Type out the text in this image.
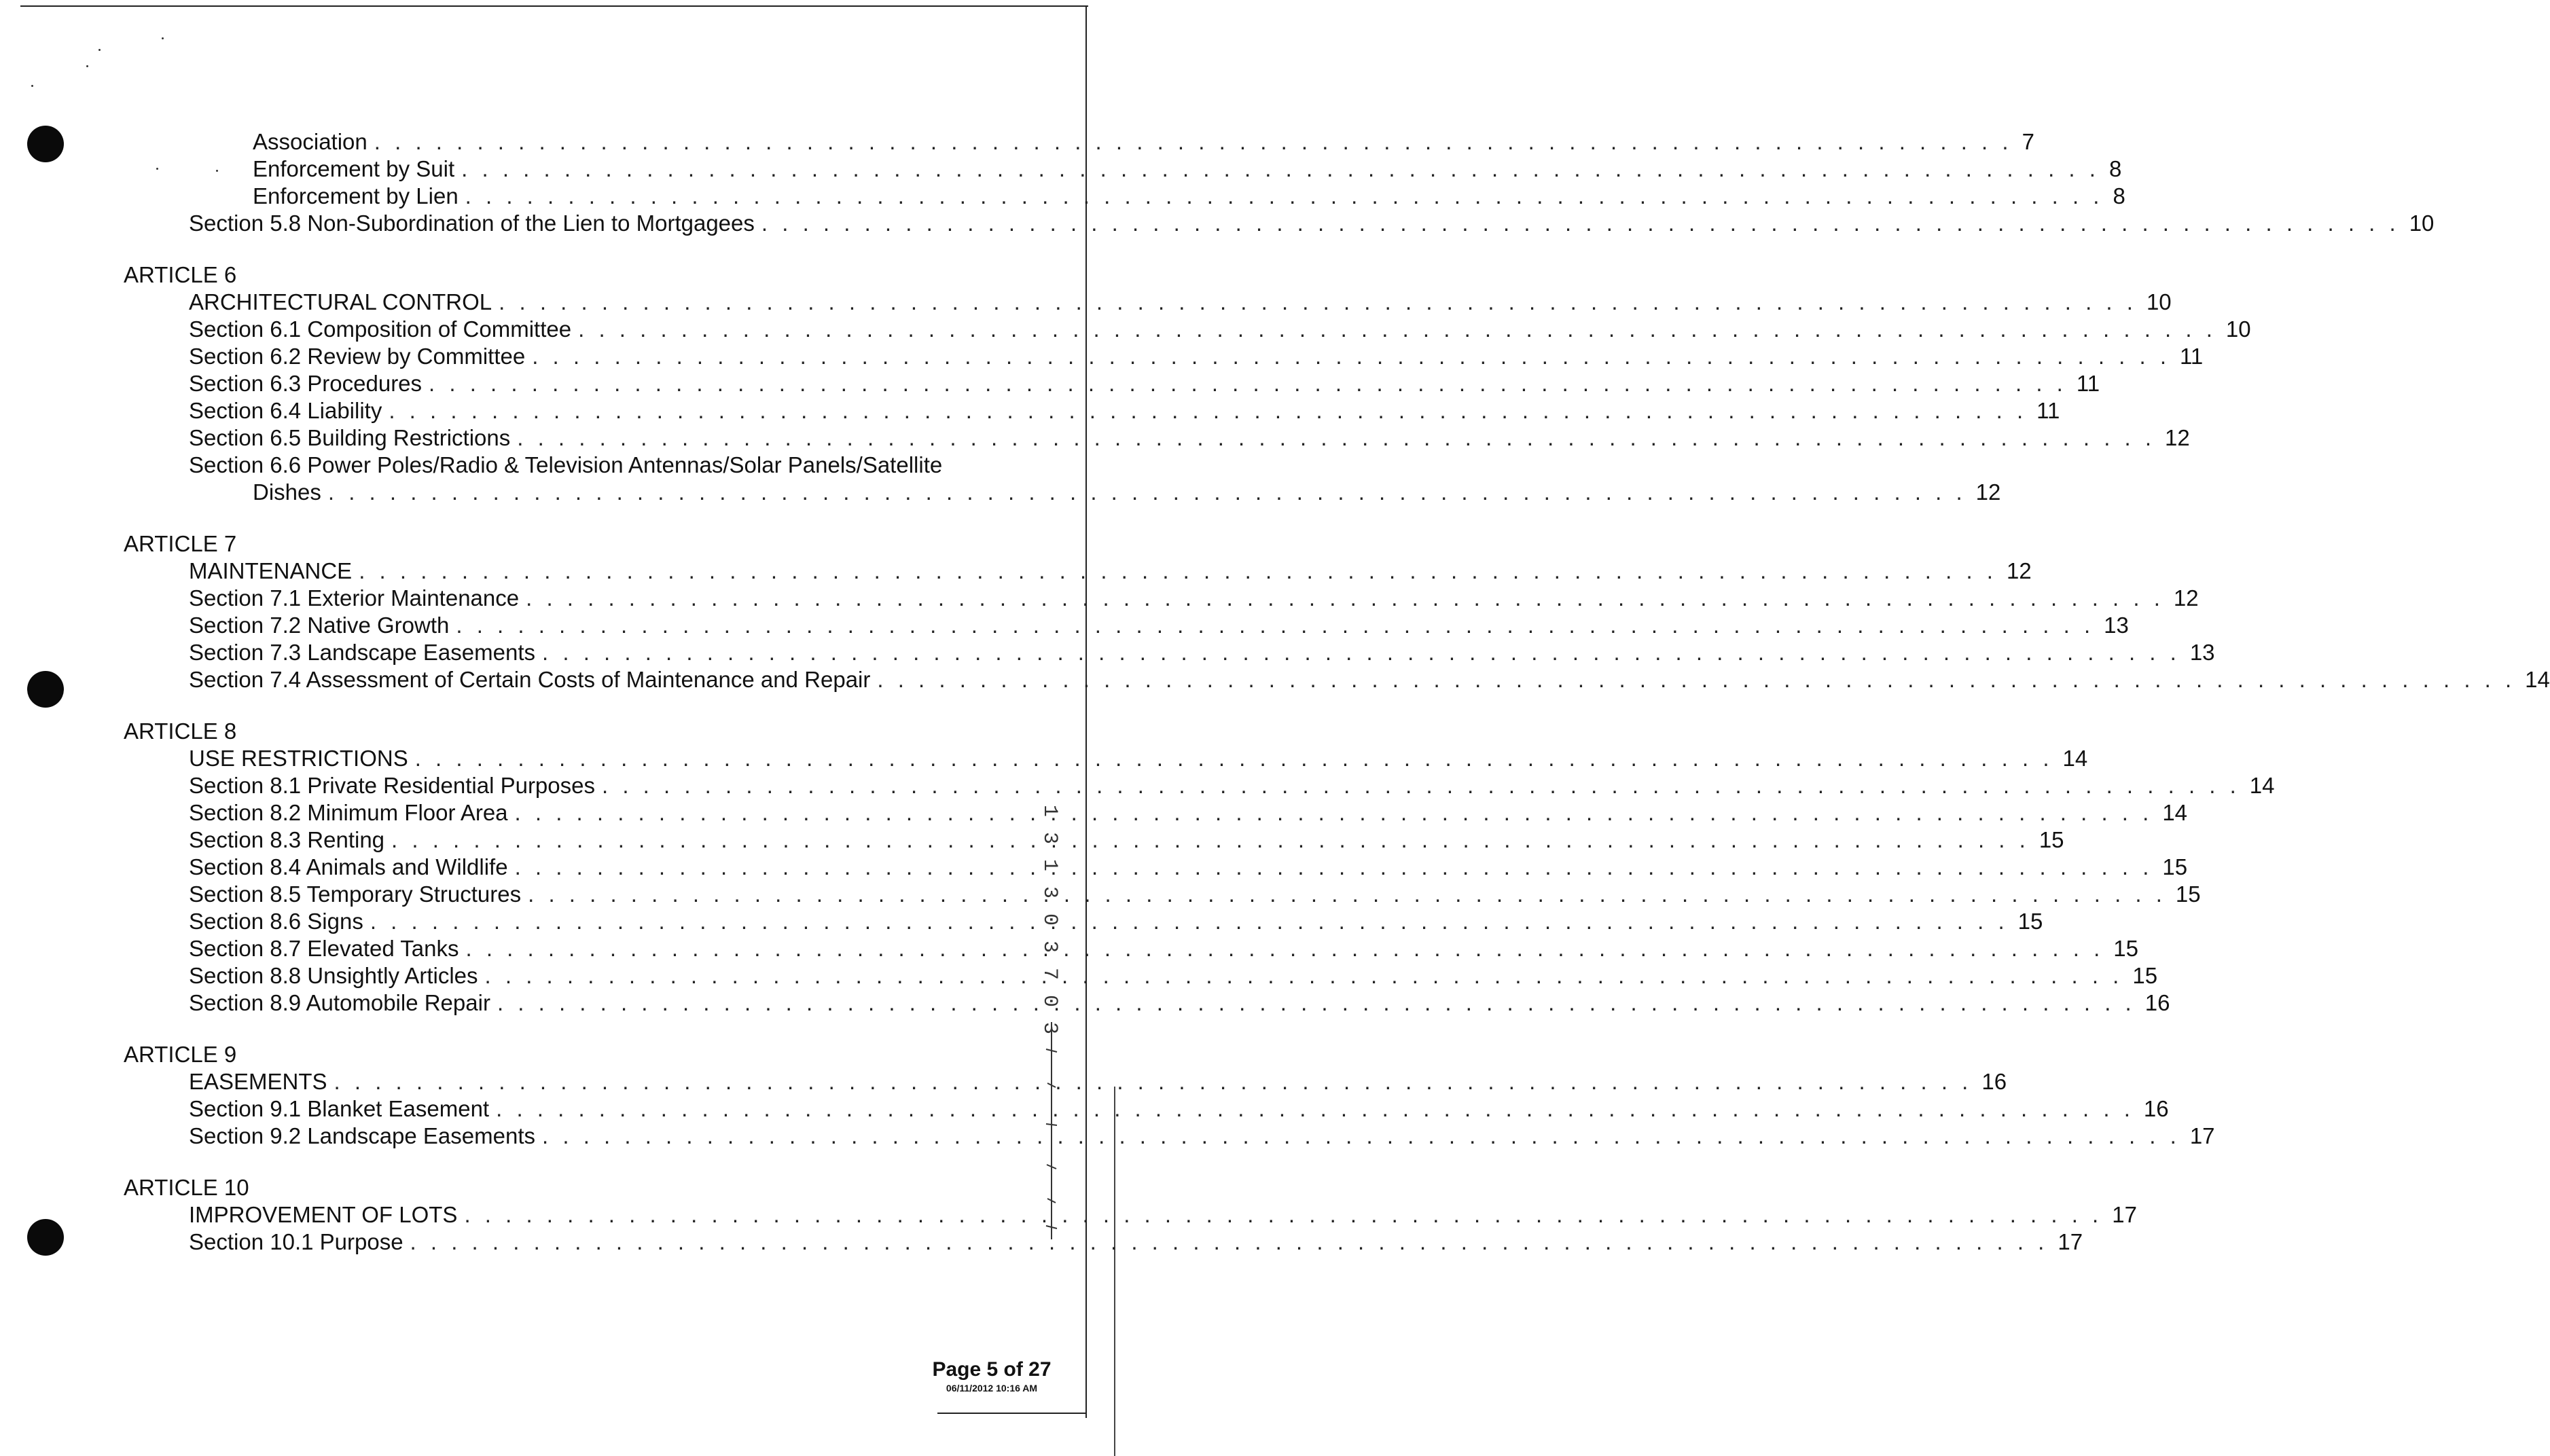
Association . . . . . . . . . . . . . . . . . . . . . . . . . . . . . . . . . . . . . . . . . . . . . . . . . . . . . . . . . . . . . . . . . . . . . . . . . . . . . . . . 7
Enforcement by Suit . . . . . . . . . . . . . . . . . . . . . . . . . . . . . . . . . . . . . . . . . . . . . . . . . . . . . . . . . . . . . . . . . . . . . . . . . . . . . . . . 8
Enforcement by Lien . . . . . . . . . . . . . . . . . . . . . . . . . . . . . . . . . . . . . . . . . . . . . . . . . . . . . . . . . . . . . . . . . . . . . . . . . . . . . . . . 8
Section 5.8 Non-Subordination of the Lien to Mortgagees . . . . . . . . . . . . . . . . . . . . . . . . . . . . . . . . . . . . . . . . . . . . . . . . . . . . . . . . . . . . . . . . . . . . . . . . . . . . . . . . 10
ARTICLE 6
ARCHITECTURAL CONTROL . . . . . . . . . . . . . . . . . . . . . . . . . . . . . . . . . . . . . . . . . . . . . . . . . . . . . . . . . . . . . . . . . . . . . . . . . . . . . . . . 10
Section 6.1 Composition of Committee . . . . . . . . . . . . . . . . . . . . . . . . . . . . . . . . . . . . . . . . . . . . . . . . . . . . . . . . . . . . . . . . . . . . . . . . . . . . . . . . 10
Section 6.2 Review by Committee . . . . . . . . . . . . . . . . . . . . . . . . . . . . . . . . . . . . . . . . . . . . . . . . . . . . . . . . . . . . . . . . . . . . . . . . . . . . . . . . 11
Section 6.3 Procedures . . . . . . . . . . . . . . . . . . . . . . . . . . . . . . . . . . . . . . . . . . . . . . . . . . . . . . . . . . . . . . . . . . . . . . . . . . . . . . . . 11
Section 6.4 Liability . . . . . . . . . . . . . . . . . . . . . . . . . . . . . . . . . . . . . . . . . . . . . . . . . . . . . . . . . . . . . . . . . . . . . . . . . . . . . . . . 11
Section 6.5 Building Restrictions . . . . . . . . . . . . . . . . . . . . . . . . . . . . . . . . . . . . . . . . . . . . . . . . . . . . . . . . . . . . . . . . . . . . . . . . . . . . . . . . 12
Section 6.6 Power Poles/Radio & Television Antennas/Solar Panels/Satellite
Dishes . . . . . . . . . . . . . . . . . . . . . . . . . . . . . . . . . . . . . . . . . . . . . . . . . . . . . . . . . . . . . . . . . . . . . . . . . . . . . . . . 12
ARTICLE 7
MAINTENANCE . . . . . . . . . . . . . . . . . . . . . . . . . . . . . . . . . . . . . . . . . . . . . . . . . . . . . . . . . . . . . . . . . . . . . . . . . . . . . . . . 12
Section 7.1 Exterior Maintenance . . . . . . . . . . . . . . . . . . . . . . . . . . . . . . . . . . . . . . . . . . . . . . . . . . . . . . . . . . . . . . . . . . . . . . . . . . . . . . . . 12
Section 7.2 Native Growth . . . . . . . . . . . . . . . . . . . . . . . . . . . . . . . . . . . . . . . . . . . . . . . . . . . . . . . . . . . . . . . . . . . . . . . . . . . . . . . . 13
Section 7.3 Landscape Easements . . . . . . . . . . . . . . . . . . . . . . . . . . . . . . . . . . . . . . . . . . . . . . . . . . . . . . . . . . . . . . . . . . . . . . . . . . . . . . . . 13
Section 7.4 Assessment of Certain Costs of Maintenance and Repair . . . . . . . . . . . . . . . . . . . . . . . . . . . . . . . . . . . . . . . . . . . . . . . . . . . . . . . . . . . . . . . . . . . . . . . . . . . . . . . . 14
ARTICLE 8
USE RESTRICTIONS . . . . . . . . . . . . . . . . . . . . . . . . . . . . . . . . . . . . . . . . . . . . . . . . . . . . . . . . . . . . . . . . . . . . . . . . . . . . . . . . 14
Section 8.1 Private Residential Purposes . . . . . . . . . . . . . . . . . . . . . . . . . . . . . . . . . . . . . . . . . . . . . . . . . . . . . . . . . . . . . . . . . . . . . . . . . . . . . . . . 14
Section 8.2 Minimum Floor Area . . . . . . . . . . . . . . . . . . . . . . . . . . . . . . . . . . . . . . . . . . . . . . . . . . . . . . . . . . . . . . . . . . . . . . . . . . . . . . . . 14
Section 8.3 Renting . . . . . . . . . . . . . . . . . . . . . . . . . . . . . . . . . . . . . . . . . . . . . . . . . . . . . . . . . . . . . . . . . . . . . . . . . . . . . . . . 15
Section 8.4 Animals and Wildlife . . . . . . . . . . . . . . . . . . . . . . . . . . . . . . . . . . . . . . . . . . . . . . . . . . . . . . . . . . . . . . . . . . . . . . . . . . . . . . . . 15
Section 8.5 Temporary Structures . . . . . . . . . . . . . . . . . . . . . . . . . . . . . . . . . . . . . . . . . . . . . . . . . . . . . . . . . . . . . . . . . . . . . . . . . . . . . . . . 15
Section 8.6 Signs . . . . . . . . . . . . . . . . . . . . . . . . . . . . . . . . . . . . . . . . . . . . . . . . . . . . . . . . . . . . . . . . . . . . . . . . . . . . . . . . 15
Section 8.7 Elevated Tanks . . . . . . . . . . . . . . . . . . . . . . . . . . . . . . . . . . . . . . . . . . . . . . . . . . . . . . . . . . . . . . . . . . . . . . . . . . . . . . . . 15
Section 8.8 Unsightly Articles . . . . . . . . . . . . . . . . . . . . . . . . . . . . . . . . . . . . . . . . . . . . . . . . . . . . . . . . . . . . . . . . . . . . . . . . . . . . . . . . 15
Section 8.9 Automobile Repair . . . . . . . . . . . . . . . . . . . . . . . . . . . . . . . . . . . . . . . . . . . . . . . . . . . . . . . . . . . . . . . . . . . . . . . . . . . . . . . . 16
ARTICLE 9
EASEMENTS . . . . . . . . . . . . . . . . . . . . . . . . . . . . . . . . . . . . . . . . . . . . . . . . . . . . . . . . . . . . . . . . . . . . . . . . . . . . . . . . 16
Section 9.1 Blanket Easement . . . . . . . . . . . . . . . . . . . . . . . . . . . . . . . . . . . . . . . . . . . . . . . . . . . . . . . . . . . . . . . . . . . . . . . . . . . . . . . . 16
Section 9.2 Landscape Easements . . . . . . . . . . . . . . . . . . . . . . . . . . . . . . . . . . . . . . . . . . . . . . . . . . . . . . . . . . . . . . . . . . . . . . . . . . . . . . . . 17
ARTICLE 10
IMPROVEMENT OF LOTS . . . . . . . . . . . . . . . . . . . . . . . . . . . . . . . . . . . . . . . . . . . . . . . . . . . . . . . . . . . . . . . . . . . . . . . . . . . . . . . . 17
Section 10.1 Purpose . . . . . . . . . . . . . . . . . . . . . . . . . . . . . . . . . . . . . . . . . . . . . . . . . . . . . . . . . . . . . . . . . . . . . . . . . . . . . . . . 17
1 3 1 3 0 3 7 0 3
Page 5 of 27
06/11/2012 10:16 AM
